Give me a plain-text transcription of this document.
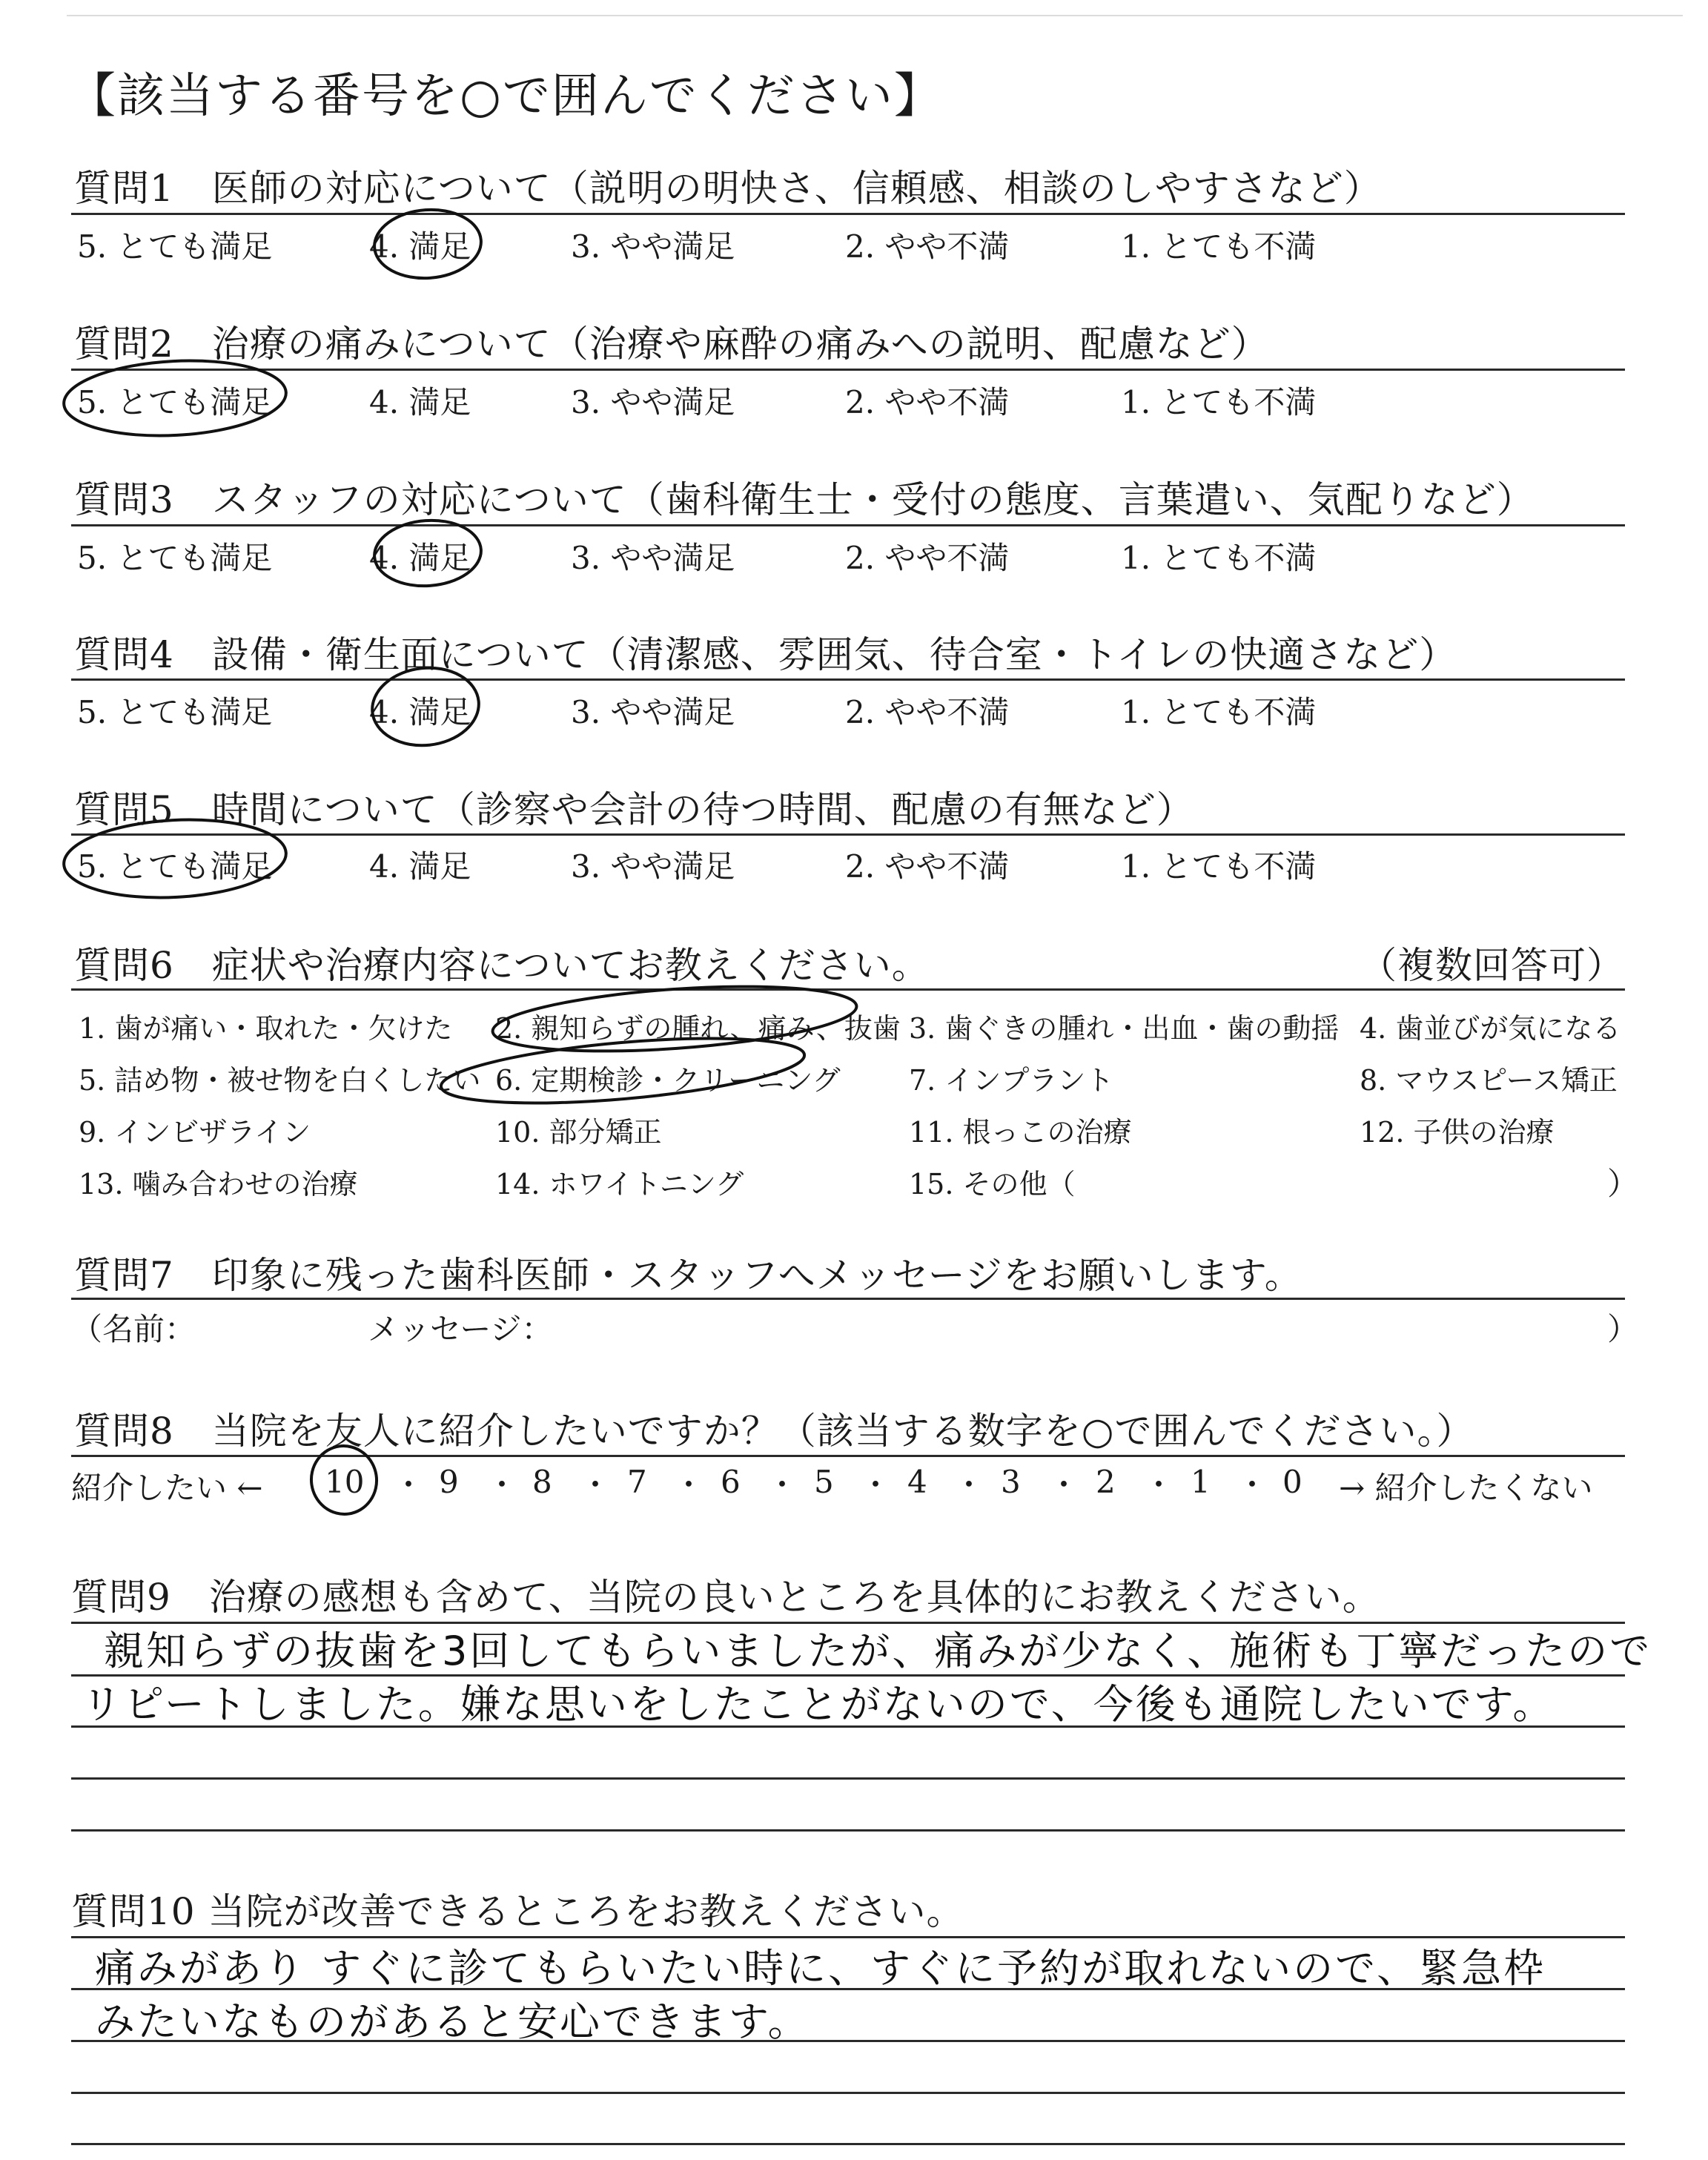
【該当する番号を○で囲んでください】
質問1　医師の対応について（説明の明快さ、信頼感、相談のしやすさなど）
5. とても満足	4. 満足	3. やや満足	2. やや不満	1. とても不満
質問2　治療の痛みについて（治療や麻酔の痛みへの説明、配慮など）
5. とても満足	4. 満足	3. やや満足	2. やや不満	1. とても不満
質問3　スタッフの対応について（歯科衛生士・受付の態度、言葉遣い、気配りなど）
5. とても満足	4. 満足	3. やや満足	2. やや不満	1. とても不満
質問4　設備・衛生面について（清潔感、雰囲気、待合室・トイレの快適さなど）
5. とても満足	4. 満足	3. やや満足	2. やや不満	1. とても不満
質問5　時間について（診察や会計の待つ時間、配慮の有無など）
5. とても満足	4. 満足	3. やや満足	2. やや不満	1. とても不満
質問6　症状や治療内容についてお教えください。	（複数回答可）
1. 歯が痛い・取れた・欠けた 2. 親知らずの腫れ、痛み、抜歯 3. 歯ぐきの腫れ・出血・歯の動揺 4. 歯並びが気になる
5. 詰め物・被せ物を白くしたい 6. 定期検診・クリーニング 7. インプラント	8. マウスピース矯正
9. インビザライン	10. 部分矯正	11. 根っこの治療	12. 子供の治療
13. 噛み合わせの治療	14. ホワイトニング	15. その他（	）
質問7　印象に残った歯科医師・スタッフへメッセージをお願いします。
（名前：	メッセージ：	）
質問8　当院を友人に紹介したいですか？（該当する数字を○で囲んでください。）
紹介したい ←	→ 紹介したくない
10 9 8 7 6 5 4 3 2 1 0
・ ・ ・ ・ ・ ・ ・ ・ ・ ・
質問9　治療の感想も含めて、当院の良いところを具体的にお教えください。
親知らずの抜歯を3回してもらいましたが、痛みが少なく、施術も丁寧だったので
リピートしました。嫌な思いをしたことがないので、今後も通院したいです。
質問10 当院が改善できるところをお教えください。
痛みがあり すぐに診てもらいたい時に、すぐに予約が取れないので、緊急枠
みたいなものがあると安心できます。
